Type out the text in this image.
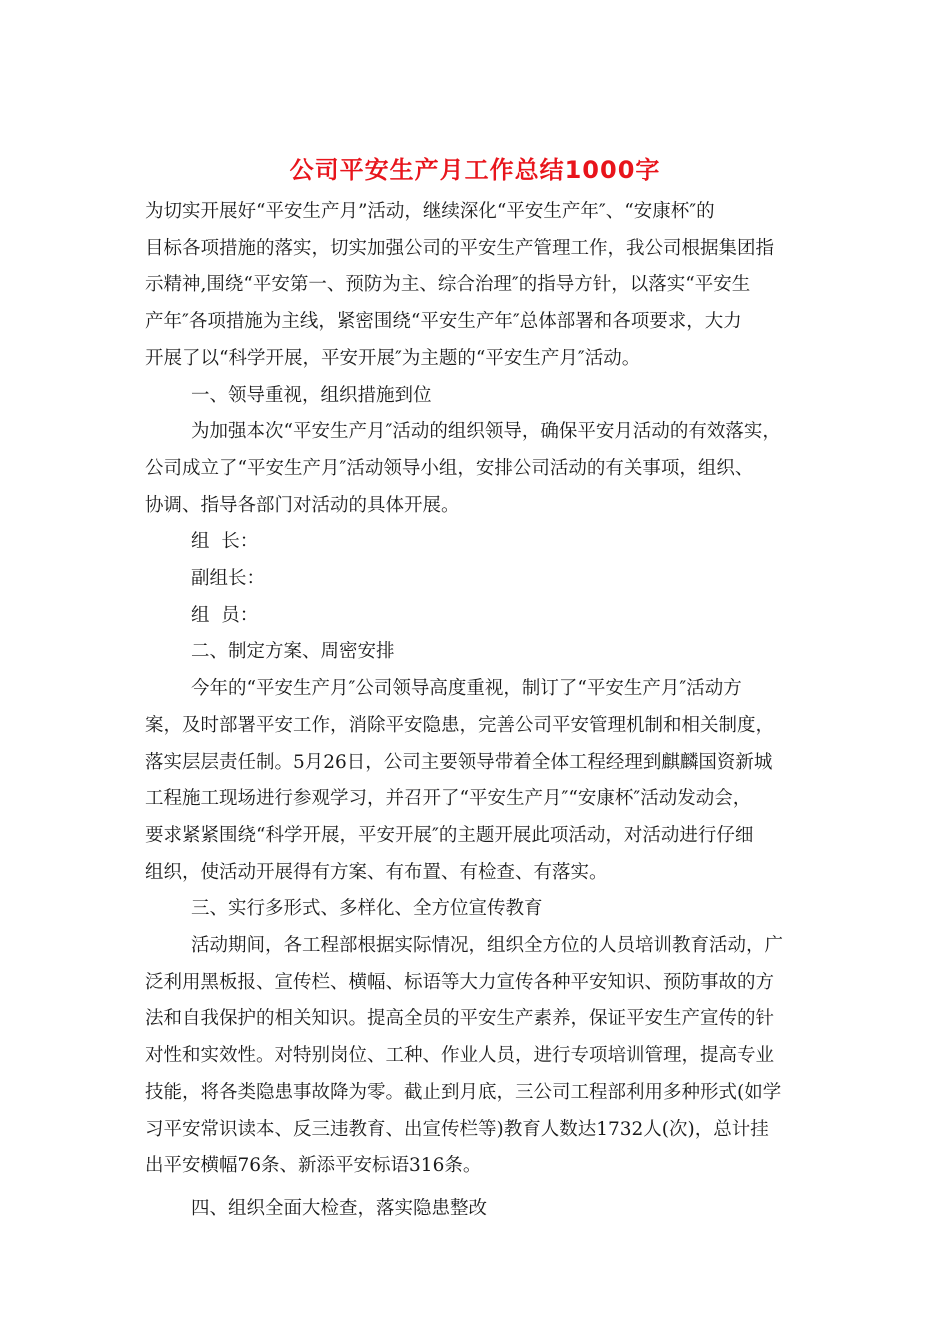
公司平安生产月工作总结1000字

为切实开展好“平安生产月”活动，继续深化“平安生产年″、“安康杯″的

目标各项措施的落实，切实加强公司的平安生产管理工作，我公司根据集团指

示精神,围绕“平安第一、预防为主、综合治理″的指导方针，以落实“平安生

产年″各项措施为主线，紧密围绕“平安生产年″总体部署和各项要求，大力

开展了以“科学开展，平安开展″为主题的“平安生产月″活动。

一、领导重视，组织措施到位

为加强本次“平安生产月″活动的组织领导，确保平安月活动的有效落实，

公司成立了“平安生产月″活动领导小组，安排公司活动的有关事项，组织、

协调、指导各部门对活动的具体开展。

组  长：

副组长：

组  员：

二、制定方案、周密安排

今年的“平安生产月″公司领导高度重视，制订了“平安生产月″活动方

案，及时部署平安工作，消除平安隐患，完善公司平安管理机制和相关制度，

落实层层责任制。5月26日，公司主要领导带着全体工程经理到麒麟国资新城

工程施工现场进行参观学习，并召开了“平安生产月″“安康杯″活动发动会，

要求紧紧围绕“科学开展，平安开展″的主题开展此项活动，对活动进行仔细

组织，使活动开展得有方案、有布置、有检查、有落实。

三、实行多形式、多样化、全方位宣传教育

活动期间，各工程部根据实际情况，组织全方位的人员培训教育活动，广

泛利用黑板报、宣传栏、横幅、标语等大力宣传各种平安知识、预防事故的方

法和自我保护的相关知识。提高全员的平安生产素养，保证平安生产宣传的针

对性和实效性。对特别岗位、工种、作业人员，进行专项培训管理，提高专业

技能，将各类隐患事故降为零。截止到月底，三公司工程部利用多种形式(如学

习平安常识读本、反三违教育、出宣传栏等)教育人数达1732人(次)，总计挂

出平安横幅76条、新添平安标语316条。

四、组织全面大检查，落实隐患整改
